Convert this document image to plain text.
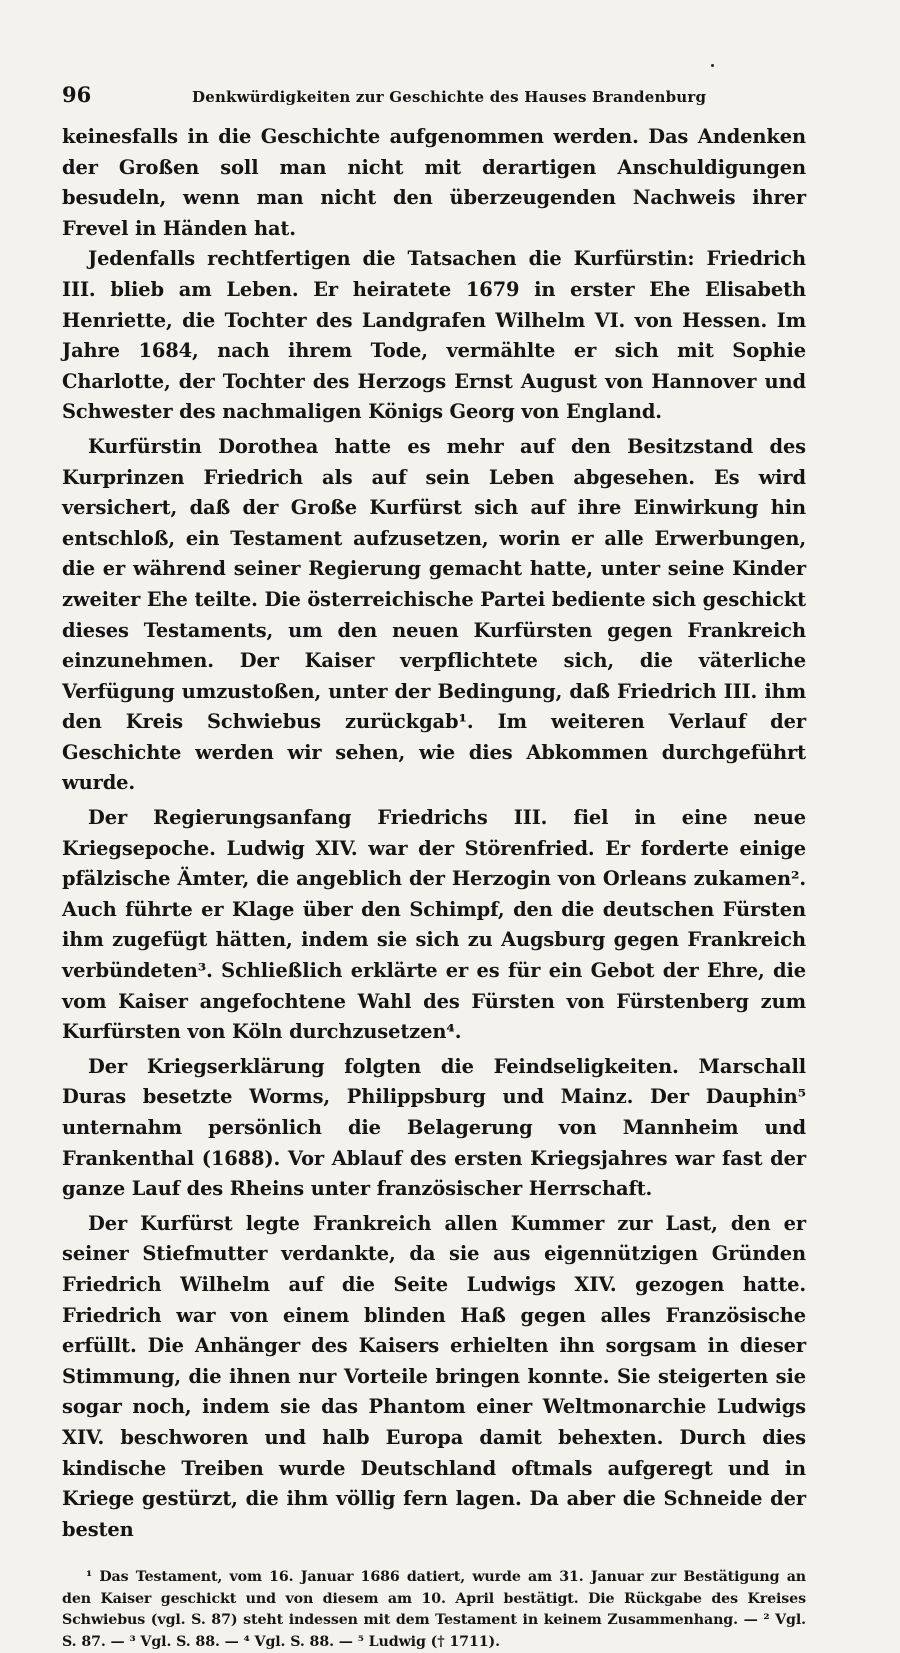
96	Denkwürdigkeiten zur Geschichte des Hauses Brandenburg

keinesfalls in die Geschichte aufgenommen werden. Das Andenken der Großen soll man nicht mit derartigen Anschuldigungen besudeln, wenn man nicht den überzeugenden Nachweis ihrer Frevel in Händen hat.

Jedenfalls rechtfertigen die Tatsachen die Kurfürstin: Friedrich III. blieb am Leben. Er heiratete 1679 in erster Ehe Elisabeth Henriette, die Tochter des Landgrafen Wilhelm VI. von Hessen. Im Jahre 1684, nach ihrem Tode, vermählte er sich mit Sophie Charlotte, der Tochter des Herzogs Ernst August von Hannover und Schwester des nachmaligen Königs Georg von England.

Kurfürstin Dorothea hatte es mehr auf den Besitzstand des Kurprinzen Friedrich als auf sein Leben abgesehen. Es wird versichert, daß der Große Kurfürst sich auf ihre Einwirkung hin entschloß, ein Testament aufzusetzen, worin er alle Erwerbungen, die er während seiner Regierung gemacht hatte, unter seine Kinder zweiter Ehe teilte. Die österreichische Partei bediente sich geschickt dieses Testaments, um den neuen Kurfürsten gegen Frankreich einzunehmen. Der Kaiser verpflichtete sich, die väterliche Verfügung umzustoßen, unter der Bedingung, daß Friedrich III. ihm den Kreis Schwiebus zurückgab¹. Im weiteren Verlauf der Geschichte werden wir sehen, wie dies Abkommen durchgeführt wurde.

Der Regierungsanfang Friedrichs III. fiel in eine neue Kriegsepoche. Ludwig XIV. war der Störenfried. Er forderte einige pfälzische Ämter, die angeblich der Herzogin von Orleans zukamen². Auch führte er Klage über den Schimpf, den die deutschen Fürsten ihm zugefügt hätten, indem sie sich zu Augsburg gegen Frankreich verbündeten³. Schließlich erklärte er es für ein Gebot der Ehre, die vom Kaiser angefochtene Wahl des Fürsten von Fürstenberg zum Kurfürsten von Köln durchzusetzen⁴.

Der Kriegserklärung folgten die Feindseligkeiten. Marschall Duras besetzte Worms, Philippsburg und Mainz. Der Dauphin⁵ unternahm persönlich die Belagerung von Mannheim und Frankenthal (1688). Vor Ablauf des ersten Kriegsjahres war fast der ganze Lauf des Rheins unter französischer Herrschaft.

Der Kurfürst legte Frankreich allen Kummer zur Last, den er seiner Stiefmutter verdankte, da sie aus eigennützigen Gründen Friedrich Wilhelm auf die Seite Ludwigs XIV. gezogen hatte. Friedrich war von einem blinden Haß gegen alles Französische erfüllt. Die Anhänger des Kaisers erhielten ihn sorgsam in dieser Stimmung, die ihnen nur Vorteile bringen konnte. Sie steigerten sie sogar noch, indem sie das Phantom einer Weltmonarchie Ludwigs XIV. beschworen und halb Europa damit behexten. Durch dies kindische Treiben wurde Deutschland oftmals aufgeregt und in Kriege gestürzt, die ihm völlig fern lagen. Da aber die Schneide der besten

¹ Das Testament, vom 16. Januar 1686 datiert, wurde am 31. Januar zur Bestätigung an den Kaiser geschickt und von diesem am 10. April bestätigt. Die Rückgabe des Kreises Schwiebus (vgl. S. 87) steht indessen mit dem Testament in keinem Zusammenhang. — ² Vgl. S. 87. — ³ Vgl. S. 88. — ⁴ Vgl. S. 88. — ⁵ Ludwig († 1711).
